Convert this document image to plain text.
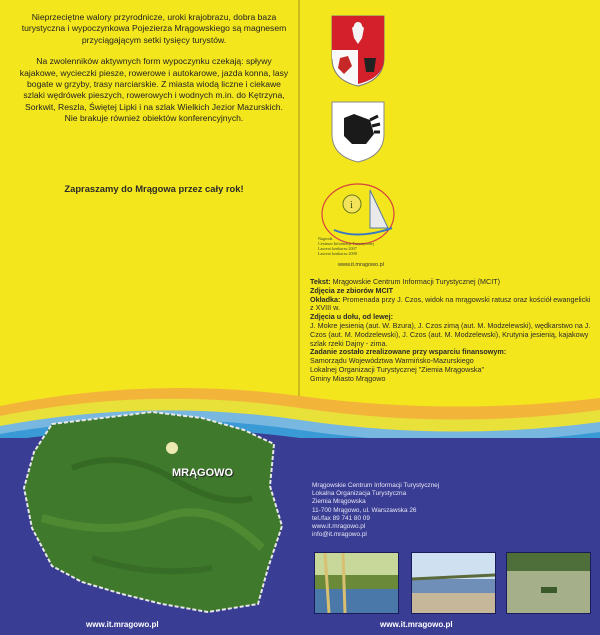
Nieprzeciętne walory przyrodnicze, uroki krajobrazu, dobra baza turystyczna i wypoczynkowa Pojezierza Mrągowskiego są magnesem przyciągającym setki tysięcy turystów.

Na zwolenników aktywnych form wypoczynku czekają: spływy kajakowe, wycieczki piesze, rowerowe i autokarowe, jazda konna, lasy bogate w grzyby, trasy narciarskie. Z miasta wiodą liczne i ciekawe szlaki wędrówek pieszych, rowerowych i wodnych m.in. do Kętrzyna, Sorkwit, Reszla, Świętej Lipki i na szlak Wielkich Jezior Mazurskich. Nie brakuje również obiektów konferencyjnych.

Zapraszamy do Mrągowa przez cały rok!
i
Nagroda
Centrum Informacji Turystycznej
Laureat konkursu 2007
Laureat konkursu 2008
www.it.mragowo.pl
Tekst: Mrągowskie Centrum Informacji Turystycznej (MCIT)
Zdjęcia ze zbiorów MCIT
Okładka: Promenada przy J. Czos, widok na mrągowski ratusz oraz kościół ewangelicki z XVIII w.
Zdjęcia u dołu, od lewej:
J. Mokre jesienią (aut. W. Bzura), J. Czos zimą (aut. M. Modzelewski), wędkarstwo na J. Czos (aut. M. Modzelewski), J. Czos (aut. M. Modzelewski), Krutynia jesienią, kajakowy szlak rzeki Dajny - zima.
Zadanie zostało zrealizowane przy wsparciu finansowym:
Samorządu Województwa Warmińsko-Mazurskiego
Lokalnej Organizacji Turystycznej "Ziemia Mrągowska"
Gminy Miasto Mrągowo
MRĄGOWO
www.it.mragowo.pl
Mrągowskie Centrum Informacji Turystycznej
Lokalna Organizacja Turystyczna
Ziemia Mrągowska
11-700 Mrągowo, ul. Warszawska 26
tel./fax 89 741 80 09
www.it.mragowo.pl
info@it.mragowo.pl
www.it.mragowo.pl
